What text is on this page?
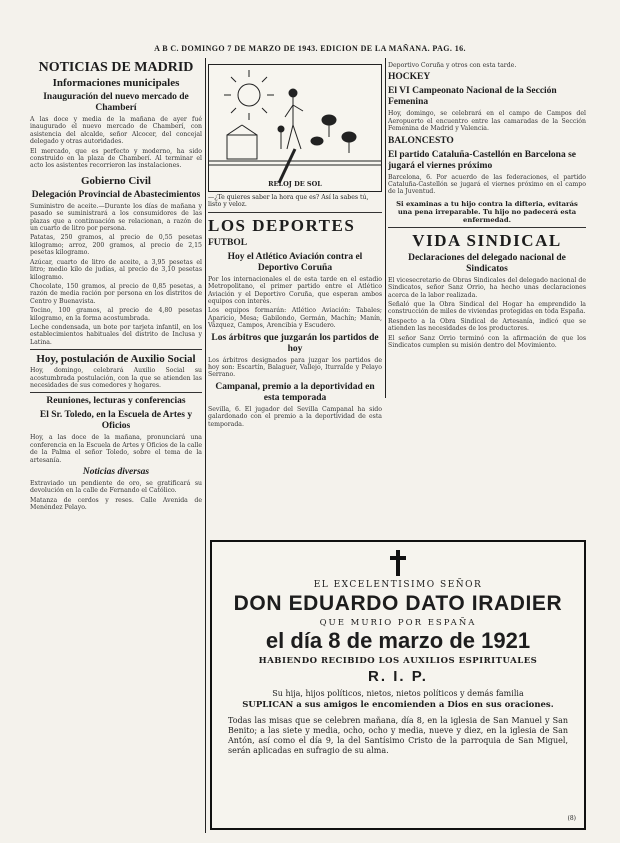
A B C. DOMINGO 7 DE MARZO DE 1943. EDICION DE LA MAÑANA. PAG. 16.
NOTICIAS DE MADRID
Informaciones municipales
Inauguración del nuevo mercado de Chamberí
A las doce y media de la mañana de ayer fué inaugurado el nuevo mercado de Chamberí, con asistencia del alcalde, señor Alcocer, del concejal delegado y otras autoridades.
El mercado, que es perfecto y moderno, ha sido construido en la plaza de Chamberí. Al terminar el acto los asistentes recorrieron las instalaciones.
Gobierno Civil
Delegación Provincial de Abastecimientos
Suministro de aceite.—Durante los días de mañana y pasado se suministrará a los consumidores de las plazas que a continuación se relacionan, a razón de un cuarto de litro por persona.
Patatas, 250 gramos, al precio de 0,55 pesetas kilogramo; arroz, 200 gramos, al precio de 2,15 pesetas kilogramo.
Azúcar, cuarto de litro de aceite, a 3,95 pesetas el litro; medio kilo de judías, al precio de 3,10 pesetas kilogramo.
Chocolate, 150 gramos, al precio de 0,85 pesetas, a razón de media ración por persona en los distritos de Centro y Buenavista.
Tocino, 100 gramos, al precio de 4,80 pesetas kilogramo, en la forma acostumbrada.
Leche condensada, un bote por tarjeta infantil, en los establecimientos habituales del distrito de Inclusa y Latina.
Hoy, postulación de Auxilio Social
Hoy, domingo, celebrará Auxilio Social su acostumbrada postulación, con la que se atienden las necesidades de sus comedores y hogares.
Reuniones, lecturas y conferencias
El Sr. Toledo, en la Escuela de Artes y Oficios
Hoy, a las doce de la mañana, pronunciará una conferencia en la Escuela de Artes y Oficios de la calle de la Palma el señor Toledo, sobre el tema de la artesanía.
Noticias diversas
Extraviado un pendiente de oro, se gratificará su devolución en la calle de Fernando el Católico.
Matanza de cerdos y reses. Calle Avenida de Menéndez Pelayo.
RELOJ DE SOL
—¿Te quieres saber la hora que es? Así la sabes tú, listo y veloz.
LOS DEPORTES
FUTBOL
Hoy el Atlético Aviación contra el Deportivo Coruña
Por los internacionales el de esta tarde en el estadio Metropolitano, el primer partido entre el Atlético Aviación y el Deportivo Coruña, que esperan ambos equipos con interés.
Los equipos formarán: Atlético Aviación: Tabales; Aparicio, Mesa; Gabilondo, Germán, Machín; Manín, Vázquez, Campos, Arencibia y Escudero.
Los árbitros que juzgarán los partidos de hoy
Los árbitros designados para juzgar los partidos de hoy son: Escartín, Balaguer, Vallejo, Iturralde y Pelayo Serrano.
Campanal, premio a la deportividad en esta temporada
Sevilla, 6. El jugador del Sevilla Campanal ha sido galardonado con el premio a la deportividad de esta temporada.
Deportivo Coruña y otros con esta tarde.
HOCKEY
El VI Campeonato Nacional de la Sección Femenina
Hoy, domingo, se celebrará en el campo de Campos del Aeropuerto el encuentro entre las camaradas de la Sección Femenina de Madrid y Valencia.
BALONCESTO
El partido Cataluña-Castellón en Barcelona se jugará el viernes próximo
Barcelona, 6. Por acuerdo de las federaciones, el partido Cataluña-Castellón se jugará el viernes próximo en el campo de la Juventud.
Si examinas a tu hijo contra la difteria, evitarás una pena irreparable. Tu hijo no padecerá esta enfermedad.
VIDA SINDICAL
Declaraciones del delegado nacional de Sindicatos
El vicesecretario de Obras Sindicales del delegado nacional de Sindicatos, señor Sanz Orrio, ha hecho unas declaraciones acerca de la labor realizada.
Señaló que la Obra Sindical del Hogar ha emprendido la construcción de miles de viviendas protegidas en toda España.
Respecto a la Obra Sindical de Artesanía, indicó que se atienden las necesidades de los productores.
El señor Sanz Orrio terminó con la afirmación de que los Sindicatos cumplen su misión dentro del Movimiento.
EL EXCELENTISIMO SEÑOR
DON EDUARDO DATO IRADIER
QUE MURIO POR ESPAÑA
el día 8 de marzo de 1921
HABIENDO RECIBIDO LOS AUXILIOS ESPIRITUALES
R. I. P.
Su hija, hijos políticos, nietos, nietos políticos y demás familia
SUPLICAN a sus amigos le encomienden a Dios en sus oraciones.
Todas las misas que se celebren mañana, día 8, en la iglesia de San Manuel y San Benito; a las siete y media, ocho, ocho y media, nueve y diez, en la iglesia de San Antón, así como el día 9, la del Santísimo Cristo de la parroquia de San Miguel, serán aplicadas en sufragio de su alma.
(8)
